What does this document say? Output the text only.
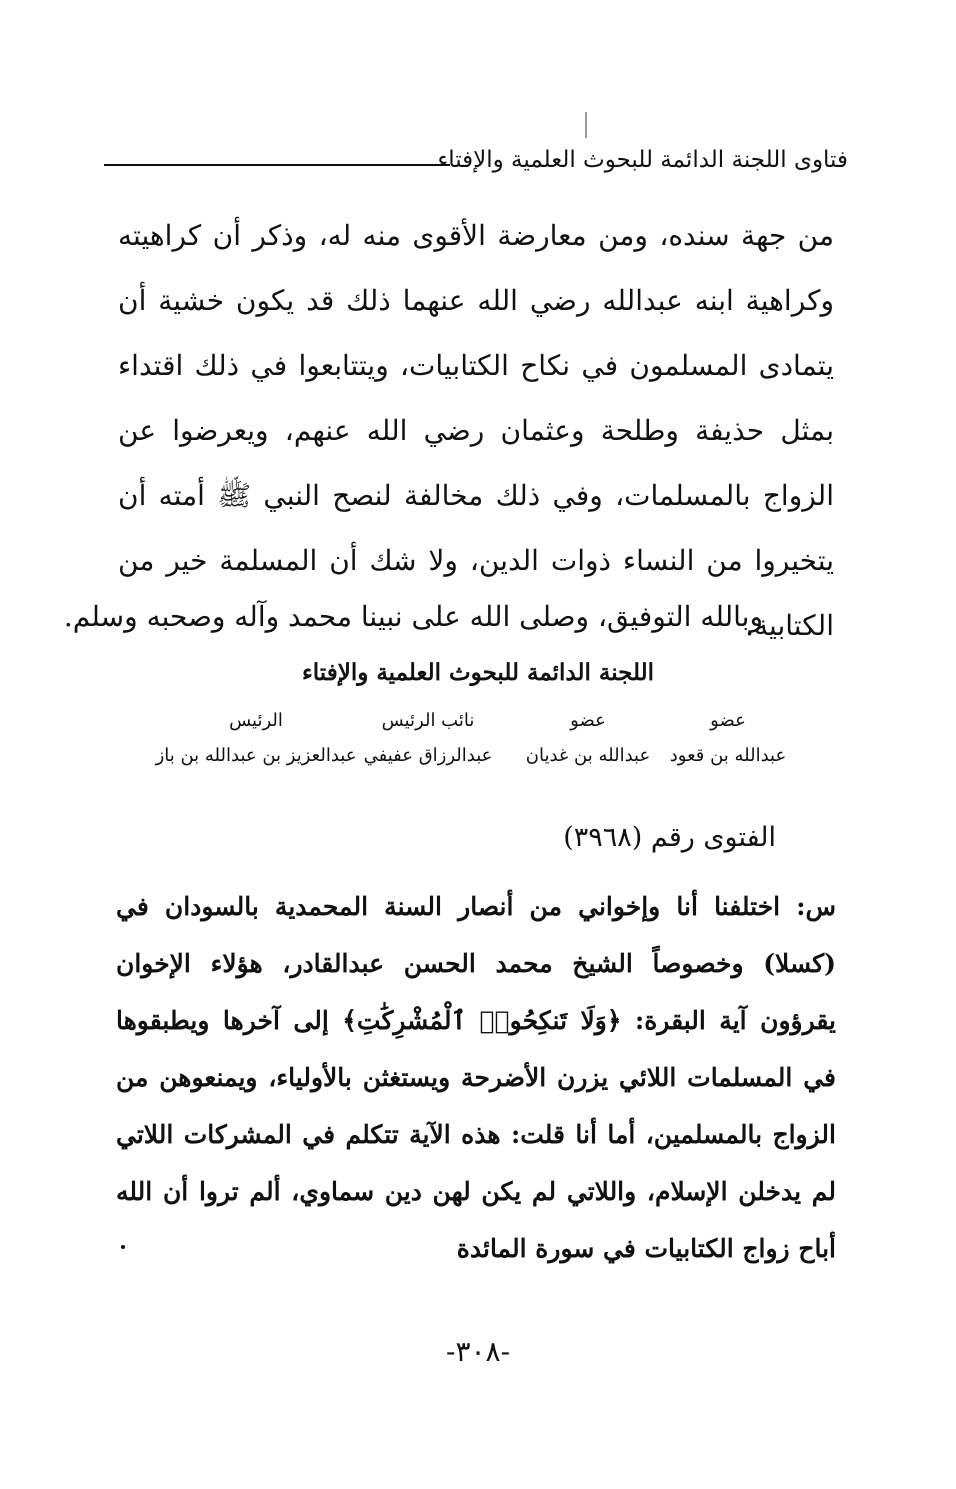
فتاوى اللجنة الدائمة للبحوث العلمية والإفتاء

من جهة سنده، ومن معارضة الأقوى منه له، وذكر أن كراهيته وكراهية ابنه عبدالله رضي الله عنهما ذلك قد يكون خشية أن يتمادى المسلمون في نكاح الكتابيات، ويتتابعوا في ذلك اقتداء بمثل حذيفة وطلحة وعثمان رضي الله عنهم، ويعرضوا عن الزواج بالمسلمات، وفي ذلك مخالفة لنصح النبي ﷺ أمته أن يتخيروا من النساء ذوات الدين، ولا شك أن المسلمة خير من الكتابية.

وبالله التوفيق، وصلى الله على نبينا محمد وآله وصحبه وسلم.
اللجنة الدائمة للبحوث العلمية والإفتاء
عضو
عبدالله بن قعود
عضو
عبدالله بن غديان
نائب الرئيس
عبدالرزاق عفيفي
الرئيس
عبدالعزيز بن عبدالله بن باز
الفتوى رقم (٣٩٦٨)

س: اختلفنا أنا وإخواني من أنصار السنة المحمدية بالسودان في (كسلا) وخصوصاً الشيخ محمد الحسن عبدالقادر، هؤلاء الإخوان يقرؤون آية البقرة: ﴿وَلَا تَنكِحُوا۟ ٱلْمُشْرِكَٰتِ﴾ إلى آخرها ويطبقوها في المسلمات اللائي يزرن الأضرحة ويستغثن بالأولياء، ويمنعوهن من الزواج بالمسلمين، أما أنا قلت: هذه الآية تتكلم في المشركات اللاتي لم يدخلن الإسلام، واللاتي لم يكن لهن دين سماوي، ألم تروا أن الله أباح زواج الكتابيات في سورة المائدة

-٣٠٨-
